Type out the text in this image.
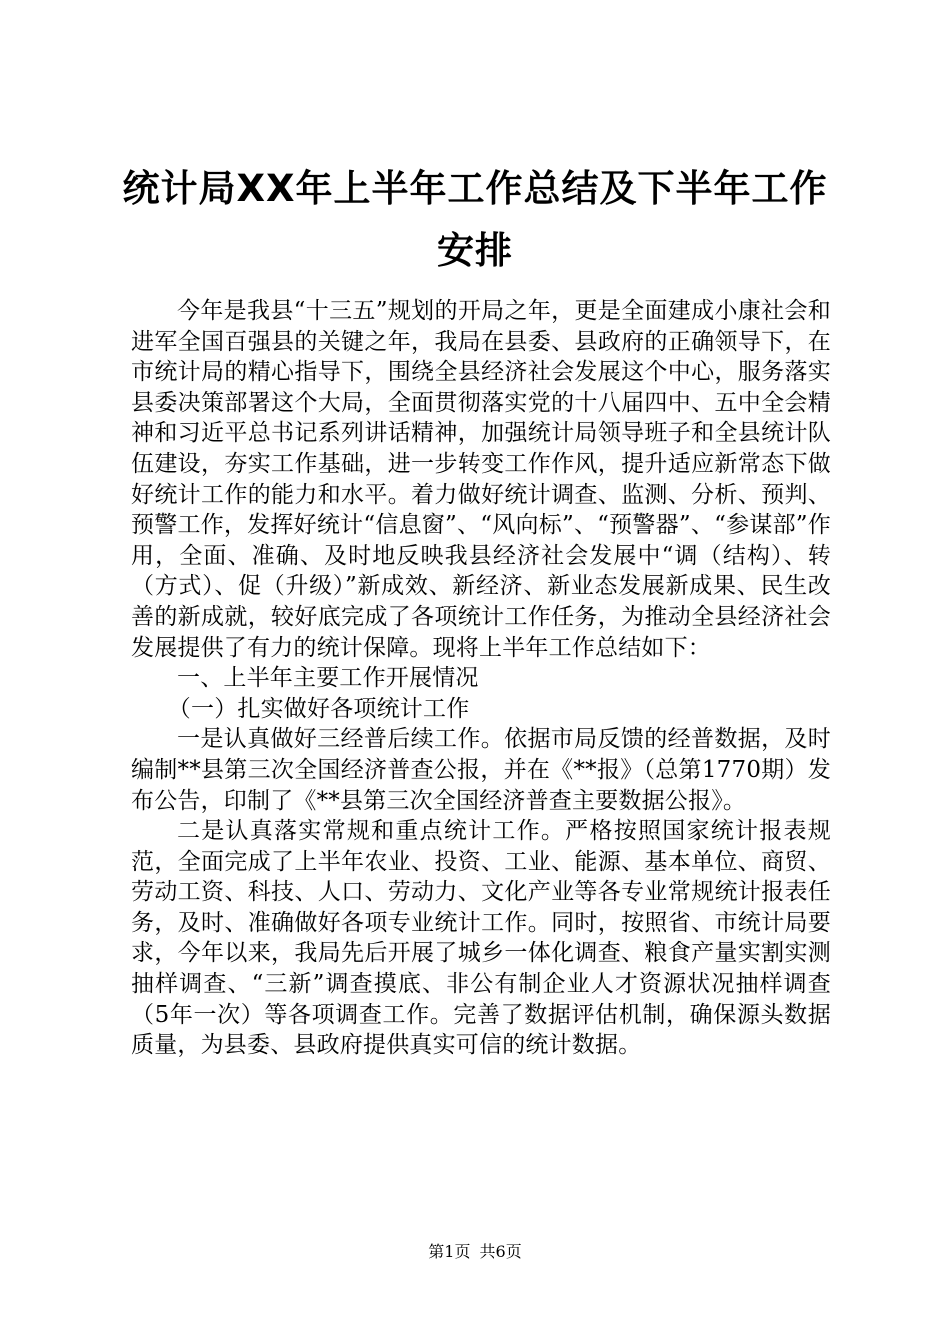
统计局XX年上半年工作总结及下半年工作安排

今年是我县“十三五”规划的开局之年，更是全面建成小康社会和进军全国百强县的关键之年，我局在县委、县政府的正确领导下，在市统计局的精心指导下，围绕全县经济社会发展这个中心，服务落实县委决策部署这个大局，全面贯彻落实党的十八届四中、五中全会精神和习近平总书记系列讲话精神，加强统计局领导班子和全县统计队伍建设，夯实工作基础，进一步转变工作作风，提升适应新常态下做好统计工作的能力和水平。着力做好统计调查、监测、分析、预判、预警工作，发挥好统计“信息窗”、“风向标”、“预警器”、“参谋部”作用，全面、准确、及时地反映我县经济社会发展中“调（结构）、转（方式）、促（升级）”新成效、新经济、新业态发展新成果、民生改善的新成就，较好底完成了各项统计工作任务，为推动全县经济社会发展提供了有力的统计保障。现将上半年工作总结如下：

一、上半年主要工作开展情况

（一）扎实做好各项统计工作

一是认真做好三经普后续工作。依据市局反馈的经普数据，及时编制**县第三次全国经济普查公报，并在《**报》（总第1770期）发布公告，印制了《**县第三次全国经济普查主要数据公报》。

二是认真落实常规和重点统计工作。严格按照国家统计报表规范，全面完成了上半年农业、投资、工业、能源、基本单位、商贸、劳动工资、科技、人口、劳动力、文化产业等各专业常规统计报表任务，及时、准确做好各项专业统计工作。同时，按照省、市统计局要求，今年以来，我局先后开展了城乡一体化调查、粮食产量实割实测抽样调查、“三新”调查摸底、非公有制企业人才资源状况抽样调查（5年一次）等各项调查工作。完善了数据评估机制，确保源头数据质量，为县委、县政府提供真实可信的统计数据。

第1页 共6页
